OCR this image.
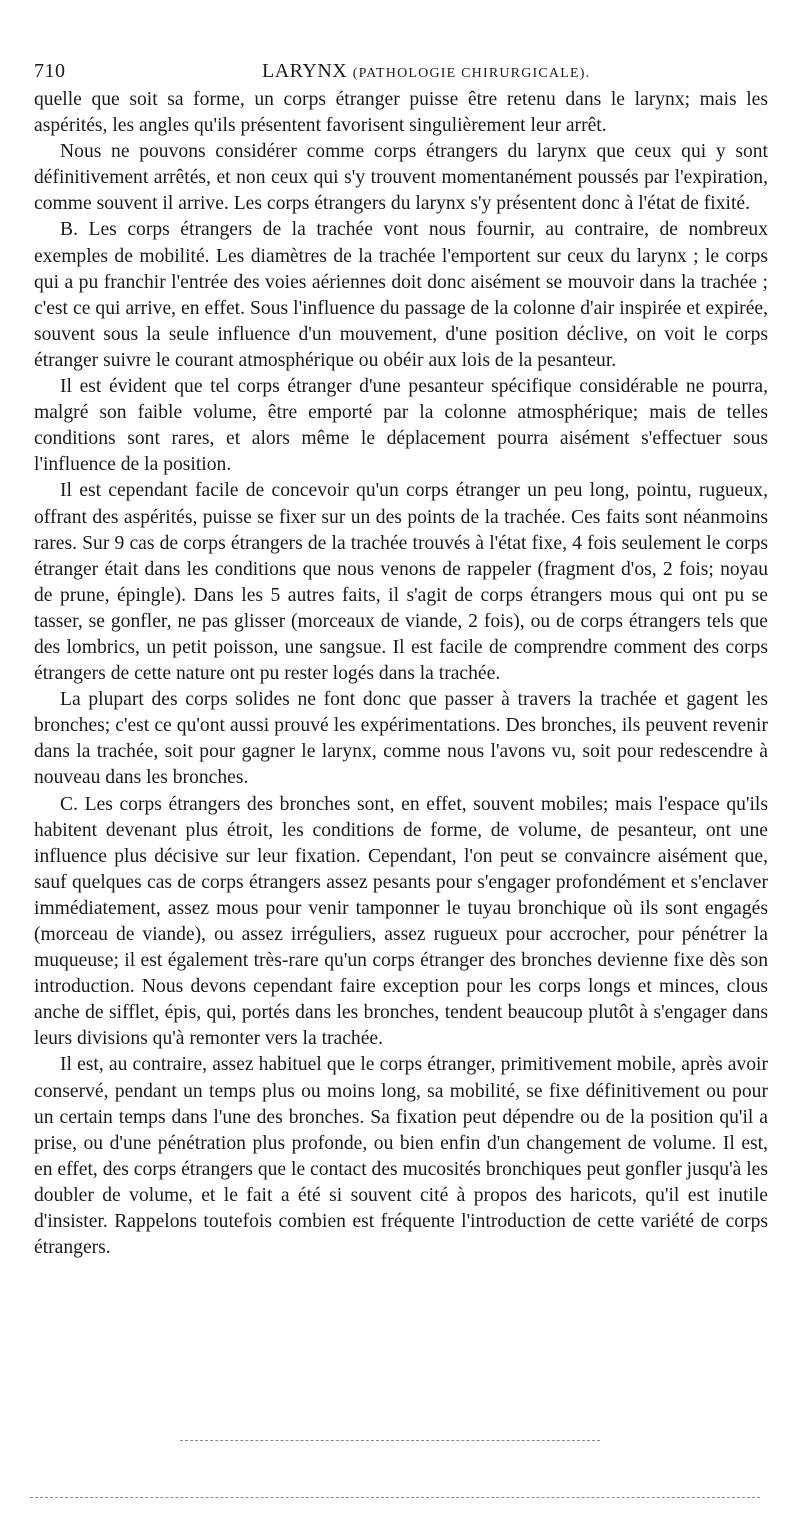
710	LARYNX (PATHOLOGIE CHIRURGICALE).

quelle que soit sa forme, un corps étranger puisse être retenu dans le larynx; mais les aspérités, les angles qu'ils présentent favorisent singulièrement leur arrêt.

Nous ne pouvons considérer comme corps étrangers du larynx que ceux qui y sont définitivement arrêtés, et non ceux qui s'y trouvent momentanément poussés par l'expiration, comme souvent il arrive. Les corps étrangers du larynx s'y présentent donc à l'état de fixité.

B. Les corps étrangers de la trachée vont nous fournir, au contraire, de nombreux exemples de mobilité. Les diamètres de la trachée l'emportent sur ceux du larynx ; le corps qui a pu franchir l'entrée des voies aériennes doit donc aisément se mouvoir dans la trachée ; c'est ce qui arrive, en effet. Sous l'influence du passage de la colonne d'air inspirée et expirée, souvent sous la seule influence d'un mouvement, d'une position déclive, on voit le corps étranger suivre le courant atmosphérique ou obéir aux lois de la pesanteur.

Il est évident que tel corps étranger d'une pesanteur spécifique considérable ne pourra, malgré son faible volume, être emporté par la colonne atmosphérique; mais de telles conditions sont rares, et alors même le déplacement pourra aisément s'effectuer sous l'influence de la position.

Il est cependant facile de concevoir qu'un corps étranger un peu long, pointu, rugueux, offrant des aspérités, puisse se fixer sur un des points de la trachée. Ces faits sont néanmoins rares. Sur 9 cas de corps étrangers de la trachée trouvés à l'état fixe, 4 fois seulement le corps étranger était dans les conditions que nous venons de rappeler (fragment d'os, 2 fois; noyau de prune, épingle). Dans les 5 autres faits, il s'agit de corps étrangers mous qui ont pu se tasser, se gonfler, ne pas glisser (morceaux de viande, 2 fois), ou de corps étrangers tels que des lombrics, un petit poisson, une sangsue. Il est facile de comprendre comment des corps étrangers de cette nature ont pu rester logés dans la trachée.

La plupart des corps solides ne font donc que passer à travers la trachée et gagent les bronches; c'est ce qu'ont aussi prouvé les expérimentations. Des bronches, ils peuvent revenir dans la trachée, soit pour gagner le larynx, comme nous l'avons vu, soit pour redescendre à nouveau dans les bronches.

C. Les corps étrangers des bronches sont, en effet, souvent mobiles; mais l'espace qu'ils habitent devenant plus étroit, les conditions de forme, de volume, de pesanteur, ont une influence plus décisive sur leur fixation. Cependant, l'on peut se convaincre aisément que, sauf quelques cas de corps étrangers assez pesants pour s'engager profondément et s'enclaver immédiatement, assez mous pour venir tamponner le tuyau bronchique où ils sont engagés (morceau de viande), ou assez irréguliers, assez rugueux pour accrocher, pour pénétrer la muqueuse; il est également très-rare qu'un corps étranger des bronches devienne fixe dès son introduction. Nous devons cependant faire exception pour les corps longs et minces, clous anche de sifflet, épis, qui, portés dans les bronches, tendent beaucoup plutôt à s'engager dans leurs divisions qu'à remonter vers la trachée.

Il est, au contraire, assez habituel que le corps étranger, primitivement mobile, après avoir conservé, pendant un temps plus ou moins long, sa mobilité, se fixe définitivement ou pour un certain temps dans l'une des bronches. Sa fixation peut dépendre ou de la position qu'il a prise, ou d'une pénétration plus profonde, ou bien enfin d'un changement de volume. Il est, en effet, des corps étrangers que le contact des mucosités bronchiques peut gonfler jusqu'à les doubler de volume, et le fait a été si souvent cité à propos des haricots, qu'il est inutile d'insister. Rappelons toutefois combien est fréquente l'introduction de cette variété de corps étrangers.
